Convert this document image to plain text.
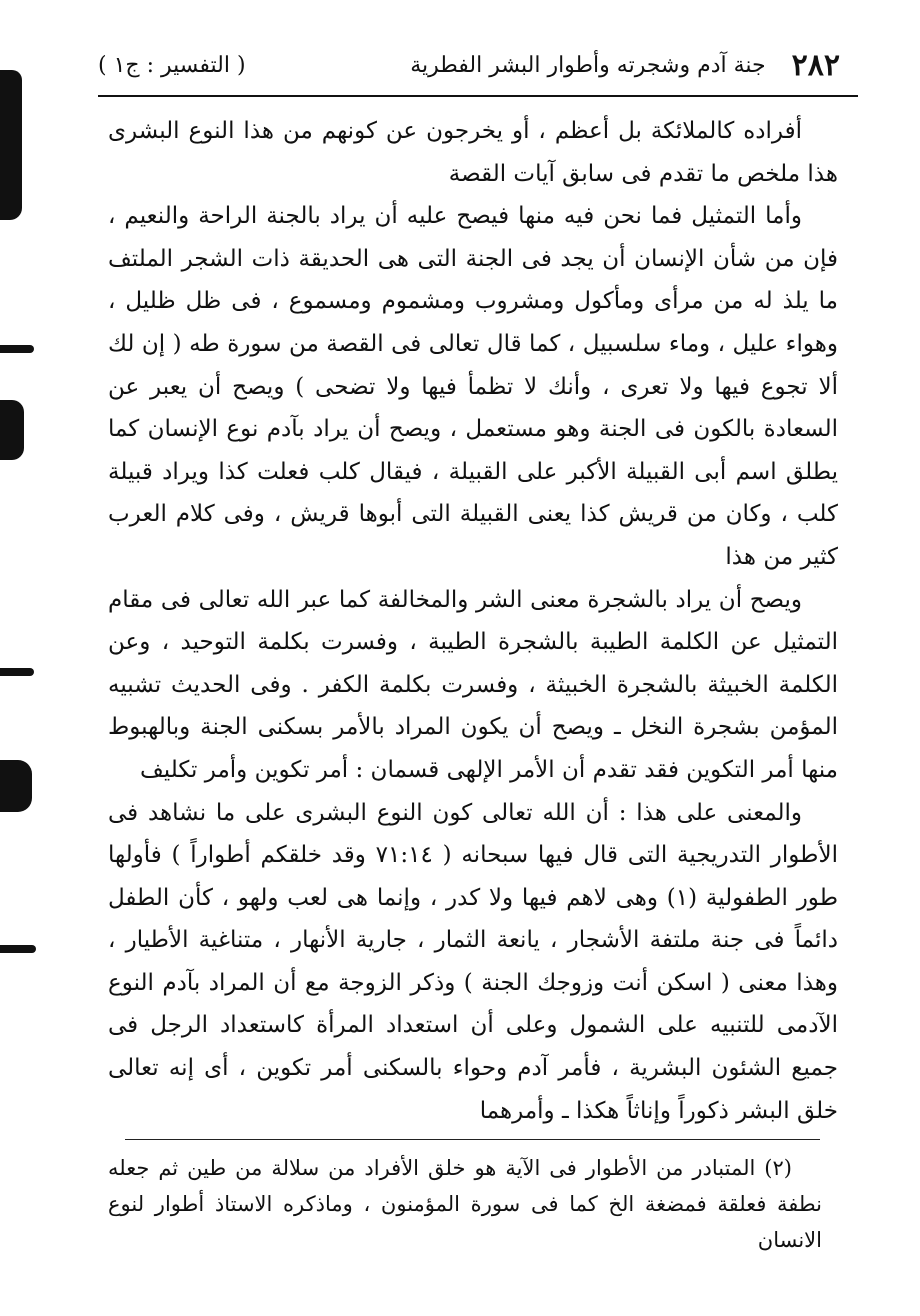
٢٨٢
جنة آدم وشجرته وأطوار البشر الفطرية
( التفسير : ج١ )

أفراده كالملائكة بل أعظم ، أو يخرجون عن كونهم من هذا النوع البشرى هذا ملخص ما تقدم فى سابق آيات القصة

وأما التمثيل فما نحن فيه منها فيصح عليه أن يراد بالجنة الراحة والنعيم ، فإن من شأن الإنسان أن يجد فى الجنة التى هى الحديقة ذات الشجر الملتف ما يلذ له من مرأى ومأكول ومشروب ومشموم ومسموع ، فى ظل ظليل ، وهواء عليل ، وماء سلسبيل ، كما قال تعالى فى القصة من سورة طه ( إن لك ألا تجوع فيها ولا تعرى ، وأنك لا تظمأ فيها ولا تضحى ) ويصح أن يعبر عن السعادة بالكون فى الجنة وهو مستعمل ، ويصح أن يراد بآدم نوع الإنسان كما يطلق اسم أبى القبيلة الأكبر على القبيلة ، فيقال كلب فعلت كذا ويراد قبيلة كلب ، وكان من قريش كذا يعنى القبيلة التى أبوها قريش ، وفى كلام العرب كثير من هذا

ويصح أن يراد بالشجرة معنى الشر والمخالفة كما عبر الله تعالى فى مقام التمثيل عن الكلمة الطيبة بالشجرة الطيبة ، وفسرت بكلمة التوحيد ، وعن الكلمة الخبيثة بالشجرة الخبيثة ، وفسرت بكلمة الكفر . وفى الحديث تشبيه المؤمن بشجرة النخل ـ ويصح أن يكون المراد بالأمر بسكنى الجنة وبالهبوط منها أمر التكوين فقد تقدم أن الأمر الإلهى قسمان : أمر تكوين وأمر تكليف

والمعنى على هذا : أن الله تعالى كون النوع البشرى على ما نشاهد فى الأطوار التدريجية التى قال فيها سبحانه ( ٧١:١٤ وقد خلقكم أطواراً ) فأولها طور الطفولية (١) وهى لاهم فيها ولا كدر ، وإنما هى لعب ولهو ، كأن الطفل دائماً فى جنة ملتفة الأشجار ، يانعة الثمار ، جارية الأنهار ، متناغية الأطيار ، وهذا معنى ( اسكن أنت وزوجك الجنة ) وذكر الزوجة مع أن المراد بآدم النوع الآدمى للتنبيه على الشمول وعلى أن استعداد المرأة كاستعداد الرجل فى جميع الشئون البشرية ، فأمر آدم وحواء بالسكنى أمر تكوين ، أى إنه تعالى خلق البشر ذكوراً وإناثاً هكذا ـ وأمرهما

(٢) المتبادر من الأطوار فى الآية هو خلق الأفراد من سلالة من طين ثم جعله نطفة فعلقة فمضغة الخ كما فى سورة المؤمنون ، وماذكره الاستاذ أطوار لنوع الانسان
